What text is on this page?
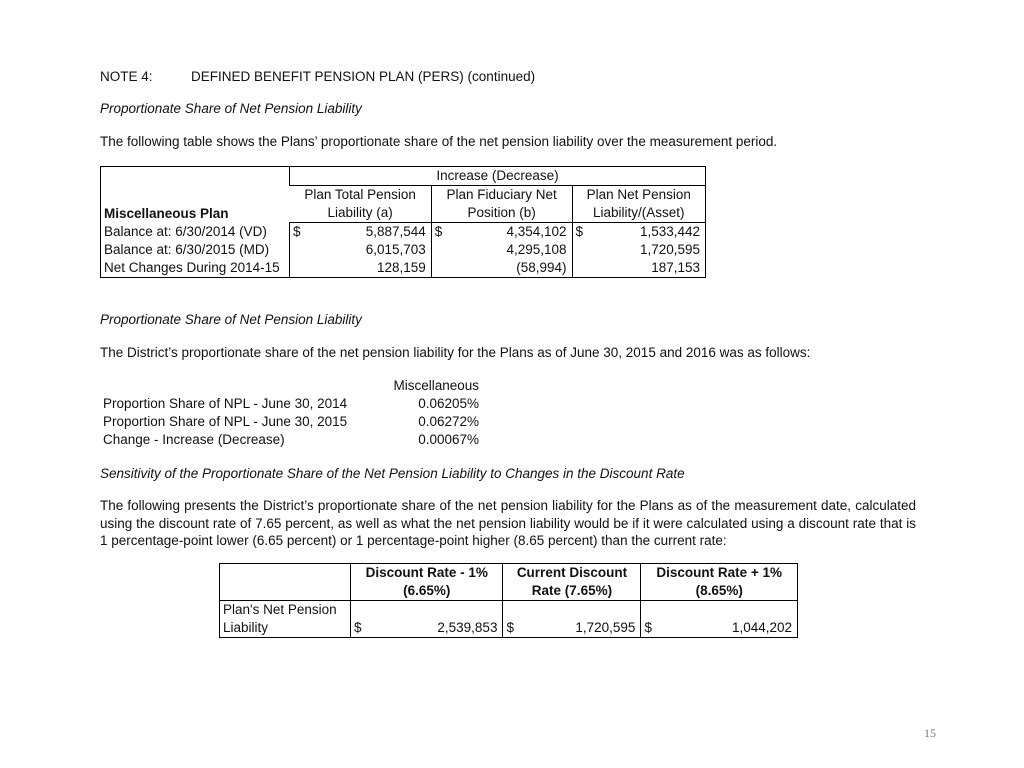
NOTE 4:	DEFINED BENEFIT PENSION PLAN (PERS) (continued)
Proportionate Share of Net Pension Liability
The following table shows the Plans’ proportionate share of the net pension liability over the measurement period.
Miscellaneous Plan	Increase (Decrease)					
	Plan Total Pension		Plan Fiduciary Net		Plan Net Pension	
	Liability (a)		Position (b)		Liability/(Asset)	
Balance at: 6/30/2014 (VD)	$	5,887,544	$	4,354,102	$	1,533,442
Balance at: 6/30/2015 (MD)		6,015,703		4,295,108		1,720,595
Net Changes During 2014-15		128,159		(58,994)		187,153
Proportionate Share of Net Pension Liability
The District’s proportionate share of the net pension liability for the Plans as of June 30, 2015 and 2016 was as follows:
	Miscellaneous
Proportion Share of NPL - June 30, 2014	0.06205%
Proportion Share of NPL - June 30, 2015	0.06272%
Change - Increase (Decrease)	0.00067%
Sensitivity of the Proportionate Share of the Net Pension Liability to Changes in the Discount Rate
The following presents the District’s proportionate share of the net pension liability for the Plans as of the measurement date, calculated using the discount rate of 7.65 percent, as well as what the net pension liability would be if it were calculated using a discount rate that is 1 percentage-point lower (6.65 percent) or 1 percentage-point higher (8.65 percent) than the current rate:
	Discount Rate - 1%		Current Discount		Discount Rate + 1%	
	(6.65%)		Rate (7.65%)		(8.65%)	
Plan's Net Pension						
Liability	$	2,539,853	$	1,720,595	$	1,044,202
15
